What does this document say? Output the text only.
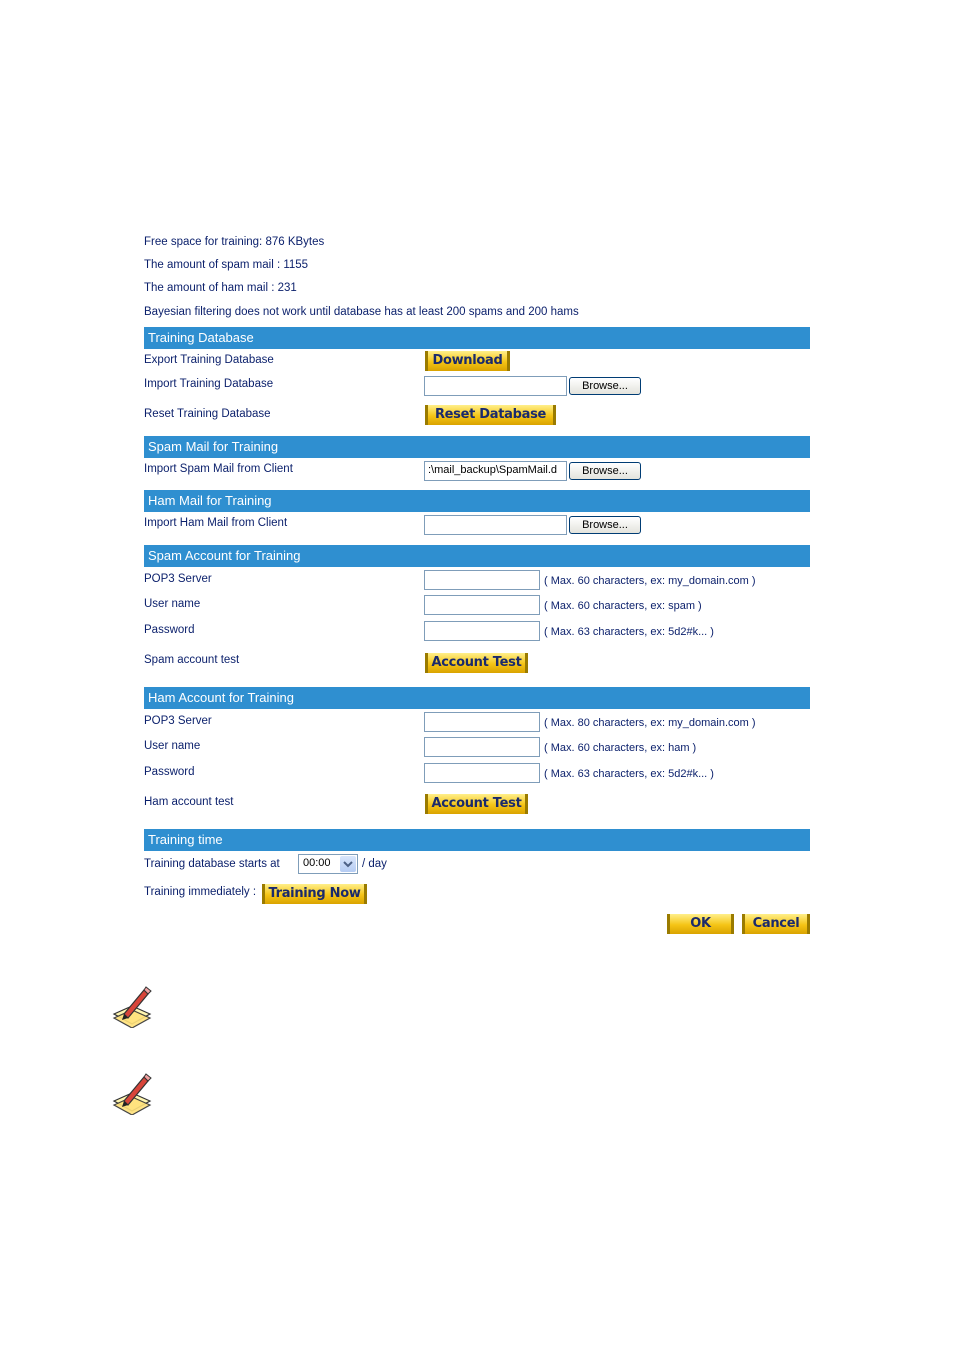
Free space for training: 876 KBytes
The amount of spam mail : 1155
The amount of ham mail : 231
Bayesian filtering does not work until database has at least 200 spams and 200 hams
Training Database
Export Training Database	Download
Import Training Database	Browse...
Reset Training Database	Reset Database
Spam Mail for Training
Import Spam Mail from Client	:\mail_backup\SpamMail.d	Browse...
Ham Mail for Training
Import Ham Mail from Client	Browse...
Spam Account for Training
POP3 Server	( Max. 60 characters, ex: my_domain.com )
User name	( Max. 60 characters, ex: spam )
Password	( Max. 63 characters, ex: 5d2#k... )
Spam account test	Account Test
Ham Account for Training
POP3 Server	( Max. 80 characters, ex: my_domain.com )
User name	( Max. 60 characters, ex: ham )
Password	( Max. 63 characters, ex: 5d2#k... )
Ham account test	Account Test
Training time
Training database starts at 00:00	/ day
Training immediately : Training Now
OK	Cancel
